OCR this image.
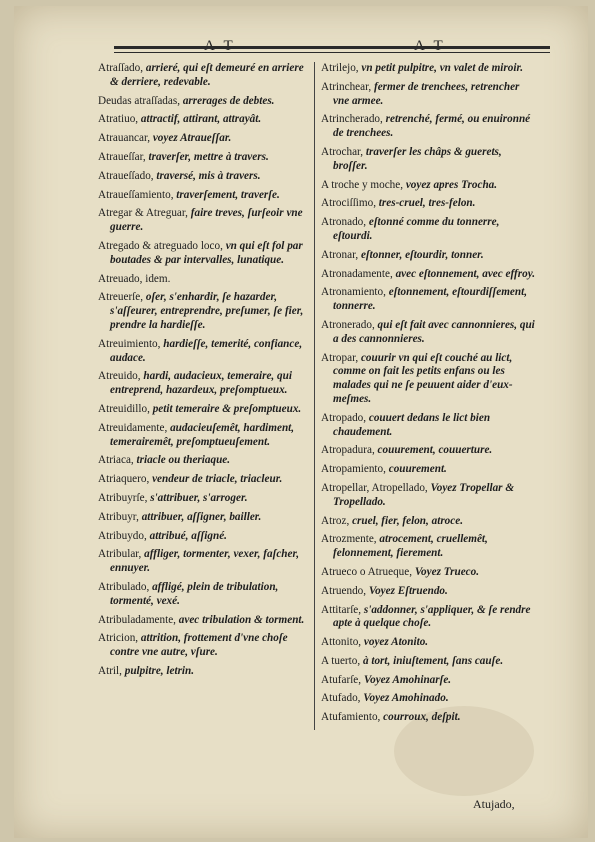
A T	A T
Atraſſado, arrieré, qui eſt demeuré en arriere & derriere, redevable.
Deudas atraſſadas, arrerages de debtes.
Atratiuo, attractif, attirant, attrayât.
Atrauancar, voyez Atraueſſar.
Atraueſſar, traverſer, mettre à travers.
Atraueſſado, traversé, mis à travers.
Atraueſſamiento, traverſement, traverſe.
Atregar & Atreguar, faire treves, ſurſeoir vne guerre.
Atregado & atreguado loco, vn qui eſt fol par boutades & par intervalles, lunatique.
Atreuado, idem.
Atreuerſe, oſer, s'enhardir, ſe hazarder, s'aſſeurer, entreprendre, preſumer, ſe fier, prendre la hardieſſe.
Atreuimiento, hardieſſe, temerité, confiance, audace.
Atreuido, hardi, audacieux, temeraire, qui entreprend, hazardeux, preſomptueux.
Atreuidillo, petit temeraire & preſomptueux.
Atreuidamente, audacieuſemêt, hardiment, temerairemêt, preſomptueuſement.
Atriaca, triacle ou theriaque.
Atriaquero, vendeur de triacle, triacleur.
Atribuyrſe, s'attribuer, s'arroger.
Atribuyr, attribuer, aſſigner, bailler.
Atribuydo, attribué, aſſigné.
Atribular, affliger, tormenter, vexer, faſcher, ennuyer.
Atribulado, affligé, plein de tribulation, tormenté, vexé.
Atribuladamente, avec tribulation & torment.
Atricion, attrition, frottement d'vne choſe contre vne autre, vſure.
Atril, pulpitre, letrin.
Atrilejo, vn petit pulpitre, vn valet de miroir.
Atrinchear, fermer de trenchees, retrencher vne armee.
Atrincherado, retrenché, fermé, ou enuironné de trenchees.
Atrochar, traverſer les châps & guerets, broſſer.
A troche y moche, voyez apres Trocha.
Atrociſſimo, tres-cruel, tres-felon.
Atronado, eſtonné comme du tonnerre, eſtourdi.
Atronar, eſtonner, eſtourdir, tonner.
Atronadamente, avec eſtonnement, avec effroy.
Atronamiento, eſtonnement, eſtourdiſſement, tonnerre.
Atronerado, qui eſt fait avec cannonnieres, qui a des cannonnieres.
Atropar, couurir vn qui eſt couché au lict, comme on fait les petits enfans ou les malades qui ne ſe peuuent aider d'eux-meſmes.
Atropado, couuert dedans le lict bien chaudement.
Atropadura, couurement, couuerture.
Atropamiento, couurement.
Atropellar, Atropellado, Voyez Tropellar & Tropellado.
Atroz, cruel, fier, felon, atroce.
Atrozmente, atrocement, cruellemêt, felonnement, fierement.
Atrueco o Atrueque, Voyez Trueco.
Atruendo, Voyez Eſtruendo.
Attitarſe, s'addonner, s'appliquer, & ſe rendre apte à quelque choſe.
Attonito, voyez Atonito.
A tuerto, à tort, iniuſtement, ſans cauſe.
Atufarſe, Voyez Amohinarſe.
Atufado, Voyez Amohinado.
Atufamiento, courroux, deſpit.
Atujado,
